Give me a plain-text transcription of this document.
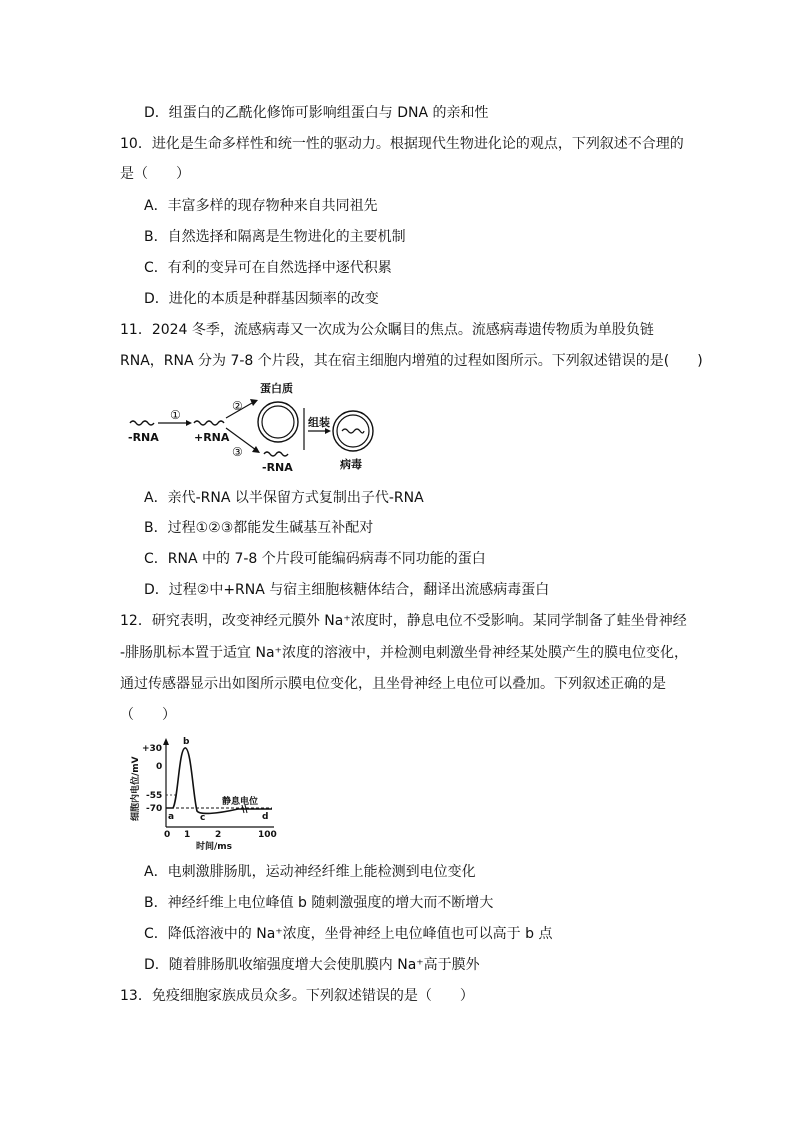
D．组蛋白的乙酰化修饰可影响组蛋白与 DNA 的亲和性
10．进化是生命多样性和统一性的驱动力。根据现代生物进化论的观点，下列叙述不合理的
是（　　）
A．丰富多样的现存物种来自共同祖先
B．自然选择和隔离是生物进化的主要机制
C．有利的变异可在自然选择中逐代积累
D．进化的本质是种群基因频率的改变
11．2024 冬季，流感病毒又一次成为公众瞩目的焦点。流感病毒遗传物质为单股负链
RNA，RNA 分为 7-8 个片段，其在宿主细胞内增殖的过程如图所示。下列叙述错误的是(　　)
-RNA
①
+RNA
②
③
-RNA
蛋白质
组装
病毒
A．亲代-RNA 以半保留方式复制出子代-RNA
B．过程①②③都能发生碱基互补配对
C．RNA 中的 7-8 个片段可能编码病毒不同功能的蛋白
D．过程②中+RNA 与宿主细胞核糖体结合，翻译出流感病毒蛋白
12．研究表明，改变神经元膜外 Na⁺浓度时，静息电位不受影响。某同学制备了蛙坐骨神经
-腓肠肌标本置于适宜 Na⁺浓度的溶液中，并检测电刺激坐骨神经某处膜产生的膜电位变化，
通过传感器显示出如图所示膜电位变化，且坐骨神经上电位可以叠加。下列叙述正确的是
（　　）
细胞内电位/mV
+30
0
-55
-70
a
b
c	d
静息电位
0 1	2	100
时间/ms
A．电刺激腓肠肌，运动神经纤维上能检测到电位变化
B．神经纤维上电位峰值 b 随刺激强度的增大而不断增大
C．降低溶液中的 Na⁺浓度，坐骨神经上电位峰值也可以高于 b 点
D．随着腓肠肌收缩强度增大会使肌膜内 Na⁺高于膜外
13．免疫细胞家族成员众多。下列叙述错误的是（　　）
